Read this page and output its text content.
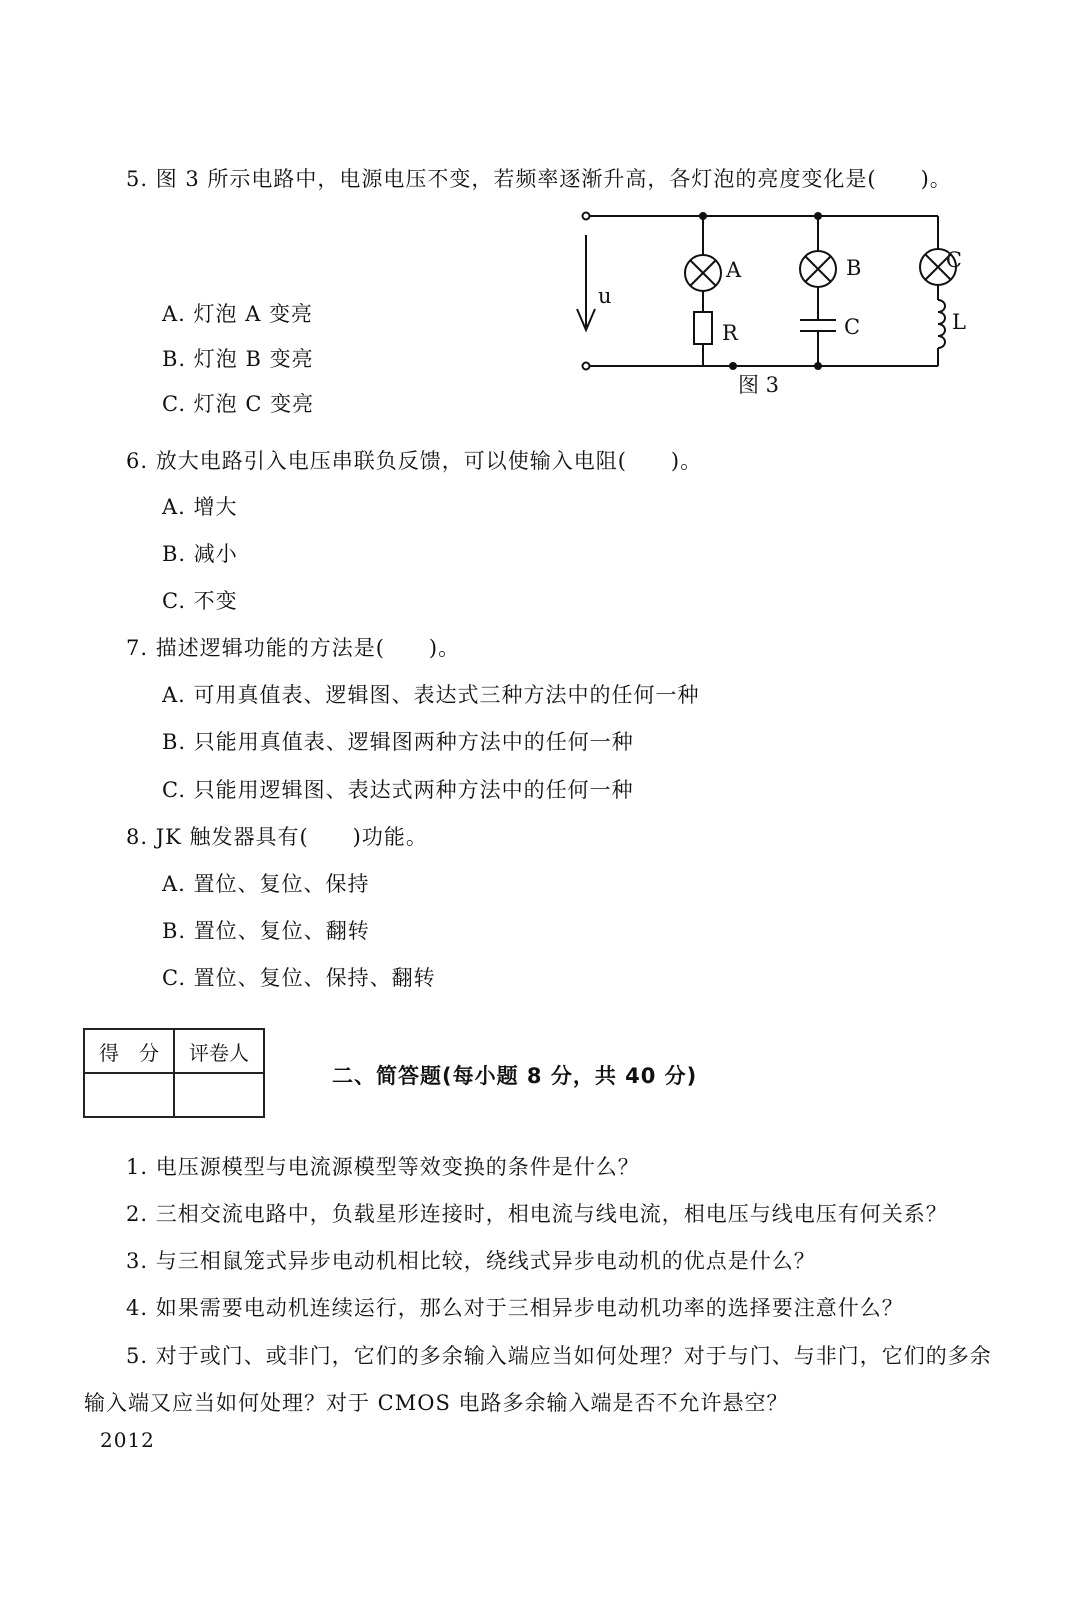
5. 图 3 所示电路中，电源电压不变，若频率逐渐升高，各灯泡的亮度变化是(　　)。
A. 灯泡 A 变亮
B. 灯泡 B 变亮
C. 灯泡 C 变亮
u
A
R
B
C
C
L
图 3
6. 放大电路引入电压串联负反馈，可以使输入电阻(　　)。
A. 增大
B. 减小
C. 不变
7. 描述逻辑功能的方法是(　　)。
A. 可用真值表、逻辑图、表达式三种方法中的任何一种
B. 只能用真值表、逻辑图两种方法中的任何一种
C. 只能用逻辑图、表达式两种方法中的任何一种
8. JK 触发器具有(　　)功能。
A. 置位、复位、保持
B. 置位、复位、翻转
C. 置位、复位、保持、翻转
得　分	评卷人

二、简答题(每小题 8 分，共 40 分)
1. 电压源模型与电流源模型等效变换的条件是什么？
2. 三相交流电路中，负载星形连接时，相电流与线电流，相电压与线电压有何关系？
3. 与三相鼠笼式异步电动机相比较，绕线式异步电动机的优点是什么？
4. 如果需要电动机连续运行，那么对于三相异步电动机功率的选择要注意什么？
5. 对于或门、或非门，它们的多余输入端应当如何处理？对于与门、与非门，它们的多余
输入端又应当如何处理？对于 CMOS 电路多余输入端是否不允许悬空？
2012
